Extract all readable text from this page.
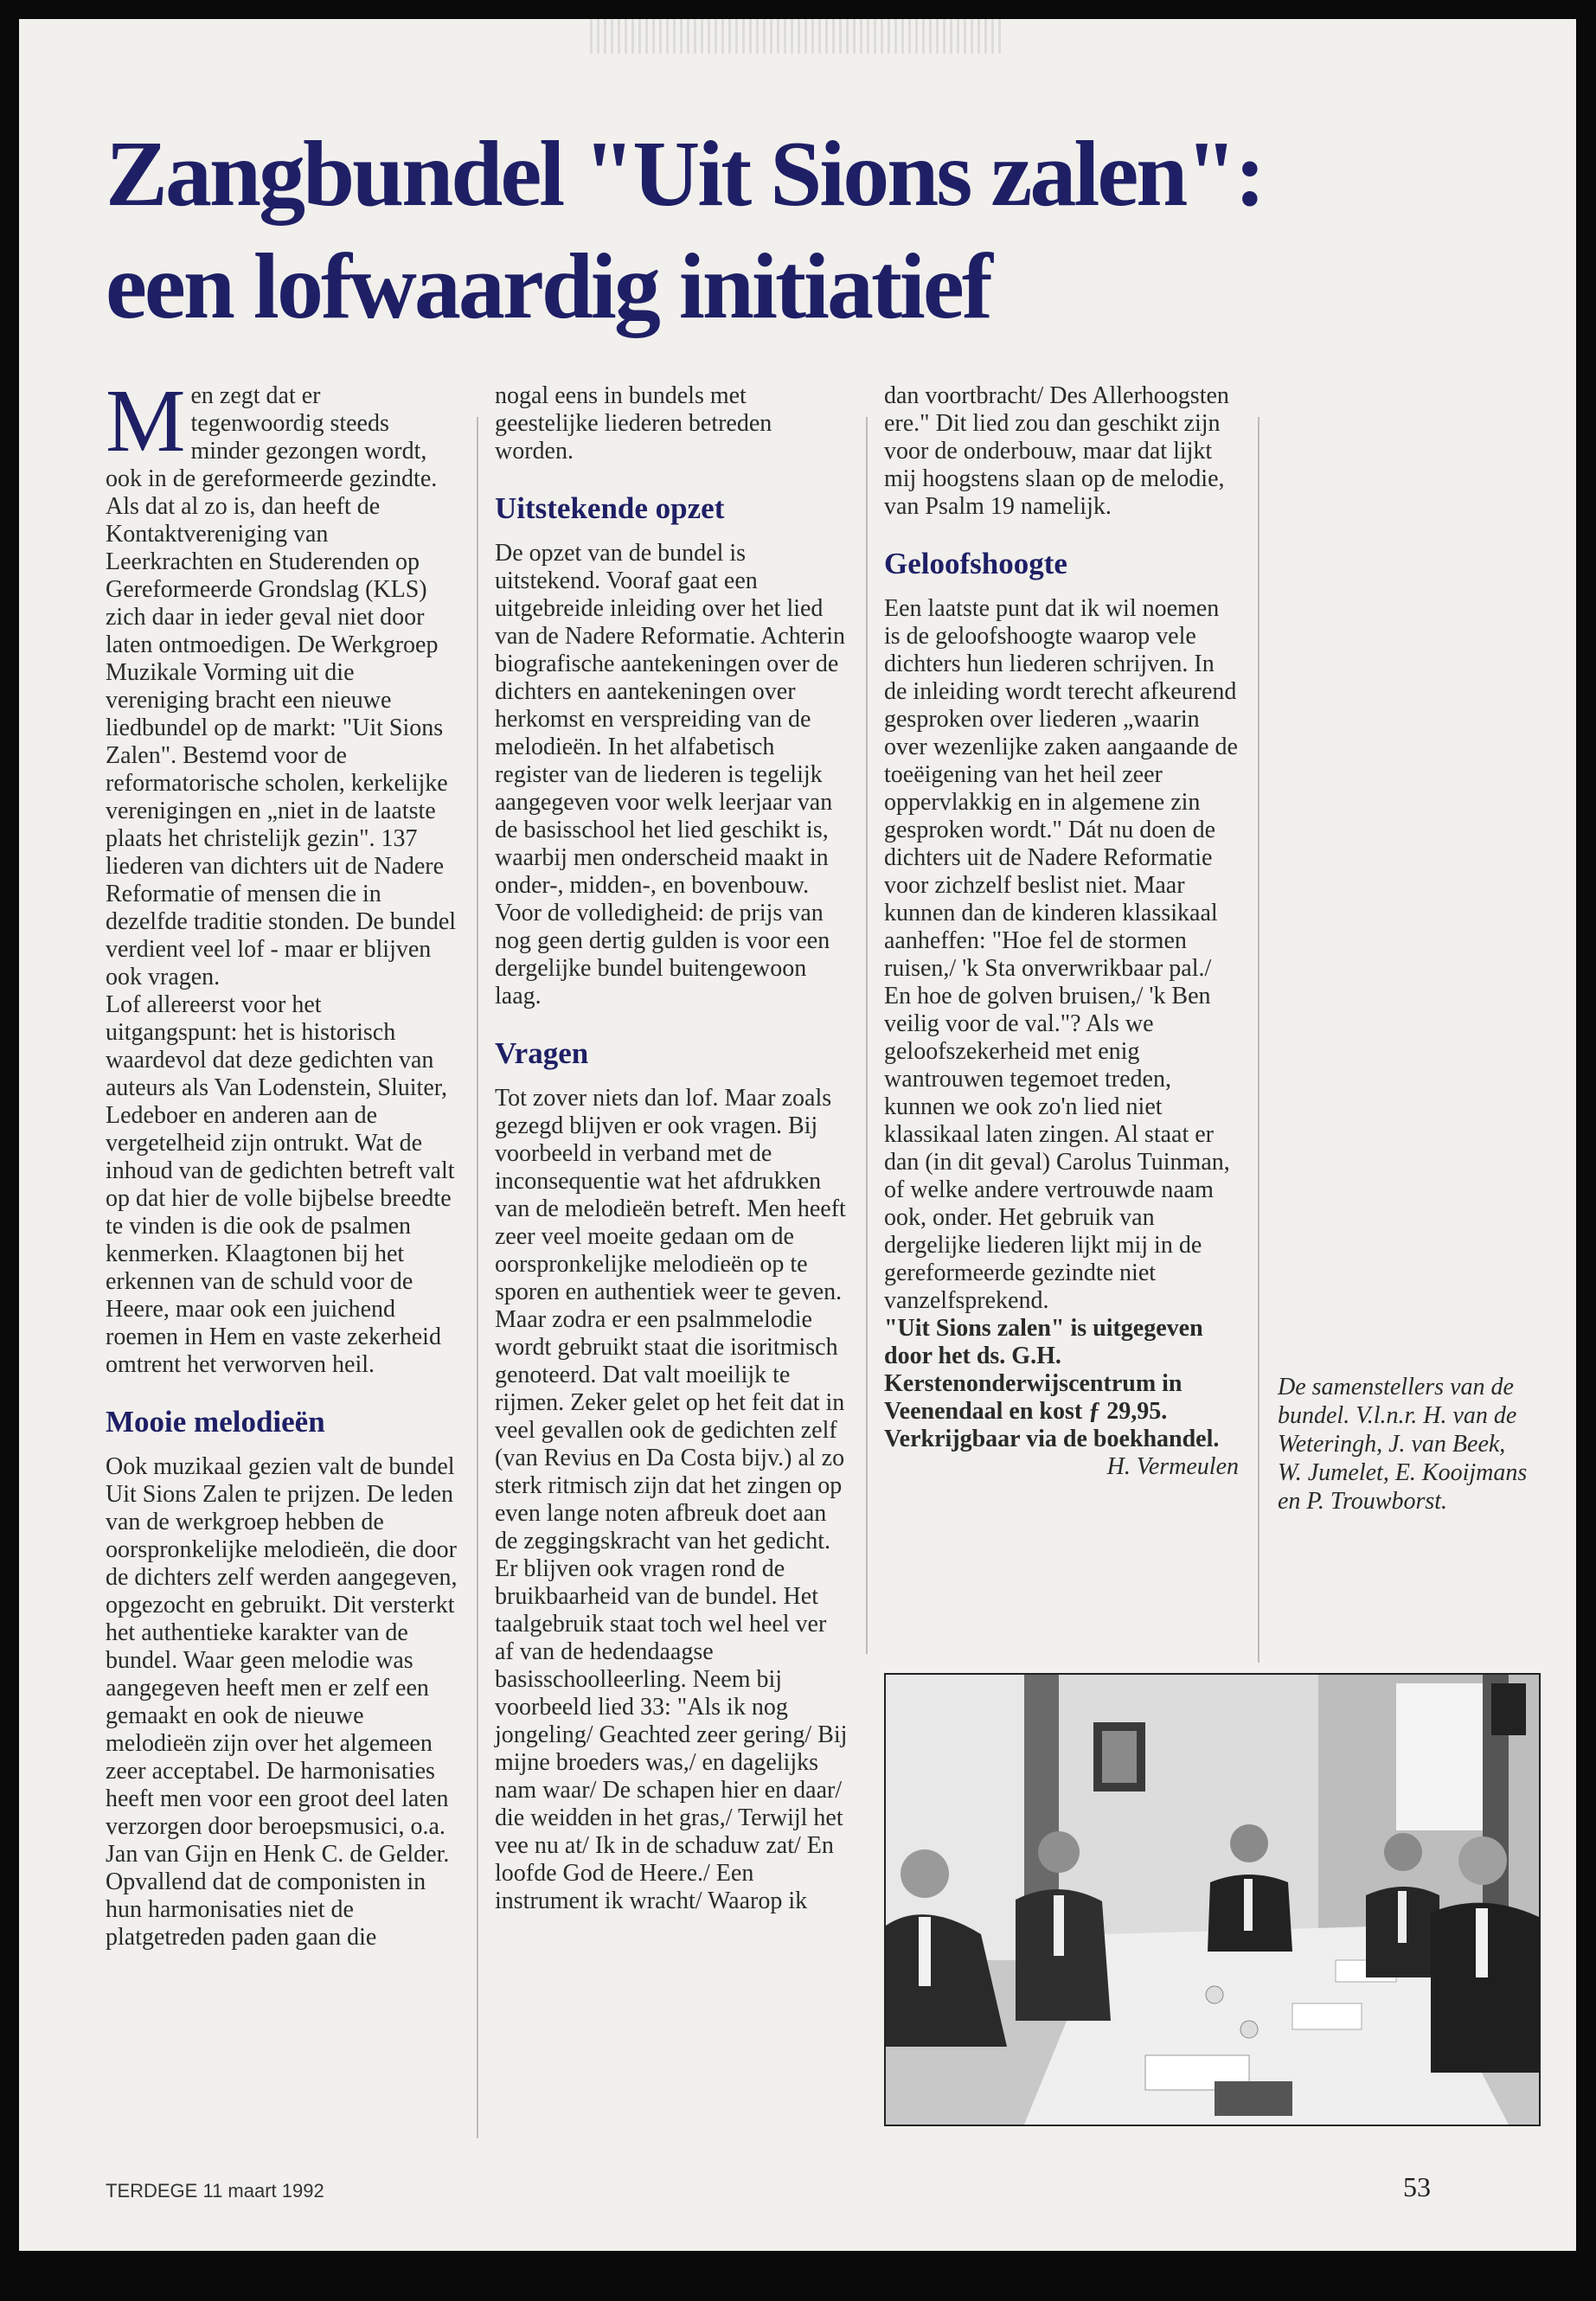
Zangbundel "Uit Sions zalen":
een lofwaardig initiatief

Men zegt dat er tegenwoordig steeds minder gezongen wordt, ook in de gereformeerde gezindte. Als dat al zo is, dan heeft de Kontaktvereniging van Leerkrachten en Studerenden op Gereformeerde Grondslag (KLS) zich daar in ieder geval niet door laten ontmoedigen. De Werkgroep Muzikale Vorming uit die vereniging bracht een nieuwe liedbundel op de markt: "Uit Sions Zalen". Bestemd voor de reformatorische scholen, kerkelijke verenigingen en „niet in de laatste plaats het christelijk gezin". 137 liederen van dichters uit de Nadere Reformatie of mensen die in dezelfde traditie stonden. De bundel verdient veel lof - maar er blijven ook vragen.

Lof allereerst voor het uitgangspunt: het is historisch waardevol dat deze gedichten van auteurs als Van Lodenstein, Sluiter, Ledeboer en anderen aan de vergetelheid zijn ontrukt. Wat de inhoud van de gedichten betreft valt op dat hier de volle bijbelse breedte te vinden is die ook de psalmen kenmerken. Klaagtonen bij het erkennen van de schuld voor de Heere, maar ook een juichend roemen in Hem en vaste zekerheid omtrent het verworven heil.

Mooie melodieën

Ook muzikaal gezien valt de bundel Uit Sions Zalen te prijzen. De leden van de werkgroep hebben de oorspronkelijke melodieën, die door de dichters zelf werden aangegeven, opgezocht en gebruikt. Dit versterkt het authentieke karakter van de bundel. Waar geen melodie was aangegeven heeft men er zelf een gemaakt en ook de nieuwe melodieën zijn over het algemeen zeer acceptabel. De harmonisaties heeft men voor een groot deel laten verzorgen door beroepsmusici, o.a. Jan van Gijn en Henk C. de Gelder. Opvallend dat de componisten in hun harmonisaties niet de platgetreden paden gaan die

nogal eens in bundels met geestelijke liederen betreden worden.

Uitstekende opzet

De opzet van de bundel is uitstekend. Vooraf gaat een uitgebreide inleiding over het lied van de Nadere Reformatie. Achterin biografische aantekeningen over de dichters en aantekeningen over herkomst en verspreiding van de melodieën. In het alfabetisch register van de liederen is tegelijk aangegeven voor welk leerjaar van de basisschool het lied geschikt is, waarbij men onderscheid maakt in onder-, midden-, en bovenbouw. Voor de volledigheid: de prijs van nog geen dertig gulden is voor een dergelijke bundel buitengewoon laag.

Vragen

Tot zover niets dan lof. Maar zoals gezegd blijven er ook vragen. Bij voorbeeld in verband met de inconsequentie wat het afdrukken van de melodieën betreft. Men heeft zeer veel moeite gedaan om de oorspronkelijke melodieën op te sporen en authentiek weer te geven. Maar zodra er een psalmmelodie wordt gebruikt staat die isoritmisch genoteerd. Dat valt moeilijk te rijmen. Zeker gelet op het feit dat in veel gevallen ook de gedichten zelf (van Revius en Da Costa bijv.) al zo sterk ritmisch zijn dat het zingen op even lange noten afbreuk doet aan de zeggingskracht van het gedicht.

Er blijven ook vragen rond de bruikbaarheid van de bundel. Het taalgebruik staat toch wel heel ver af van de hedendaagse basisschoolleerling. Neem bij voorbeeld lied 33: "Als ik nog jongeling/ Geachted zeer gering/ Bij mijne broeders was,/ en dagelijks nam waar/ De schapen hier en daar/ die weidden in het gras,/ Terwijl het vee nu at/ Ik in de schaduw zat/ En loofde God de Heere./ Een instrument ik wracht/ Waarop ik

dan voortbracht/ Des Allerhoogsten ere." Dit lied zou dan geschikt zijn voor de onderbouw, maar dat lijkt mij hoogstens slaan op de melodie, van Psalm 19 namelijk.

Geloofshoogte

Een laatste punt dat ik wil noemen is de geloofshoogte waarop vele dichters hun liederen schrijven. In de inleiding wordt terecht afkeurend gesproken over liederen „waarin over wezenlijke zaken aangaande de toeëigening van het heil zeer oppervlakkig en in algemene zin gesproken wordt." Dát nu doen de dichters uit de Nadere Reformatie voor zichzelf beslist niet. Maar kunnen dan de kinderen klassikaal aanheffen: "Hoe fel de stormen ruisen,/ 'k Sta onverwrikbaar pal./ En hoe de golven bruisen,/ 'k Ben veilig voor de val."? Als we geloofszekerheid met enig wantrouwen tegemoet treden, kunnen we ook zo'n lied niet klassikaal laten zingen. Al staat er dan (in dit geval) Carolus Tuinman, of welke andere vertrouwde naam ook, onder. Het gebruik van dergelijke liederen lijkt mij in de gereformeerde gezindte niet vanzelfsprekend.

"Uit Sions zalen" is uitgegeven door het ds. G.H. Kerstenonderwijscentrum in Veenendaal en kost ƒ 29,95. Verkrijgbaar via de boekhandel.

H. Vermeulen

De samenstellers van de bundel. V.l.n.r. H. van de Weteringh, J. van Beek, W. Jumelet, E. Kooijmans en P. Trouwborst.
TERDEGE 11 maart 1992	53
